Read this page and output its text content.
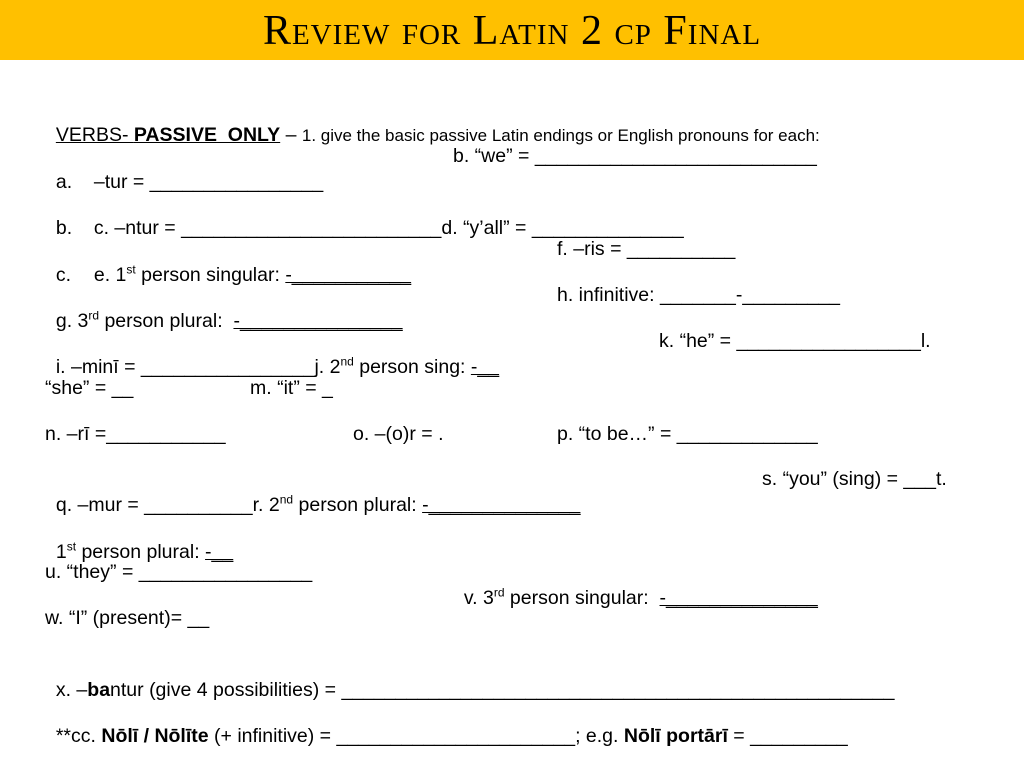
Review for Latin 2 cp Final

VERBS- PASSIVE  ONLY – 1. give the basic passive Latin endings or English pronouns for each:

a. –tur = ________________

b. “we” = __________________________

b. c. –ntur = ________________________d. “y’all” = ______________

c. e. 1st person singular: -___________

f. –ris = __________

g. 3rd person plural:  -_______________

h. infinitive: _______-_________

i. –minī = ________________j. 2nd person sing: -__

k. “he” = _________________l.
“she” = __	m. “it” = _
n. –rī =___________	o. –(o)r = .	p. “to be…” = _____________

q. –mur = __________r. 2nd person plural: -______________

s. “you” (sing) = ___t.

1st person plural: -__

u. “they” = ________________

v. 3rd person singular:  -______________

w. “I” (present)= __

x. –bantur (give 4 possibilities) = ___________________________________________________

**cc. Nōlī / Nōlīte (+ infinitive) = ______________________; e.g. Nōlī portārī = _________
